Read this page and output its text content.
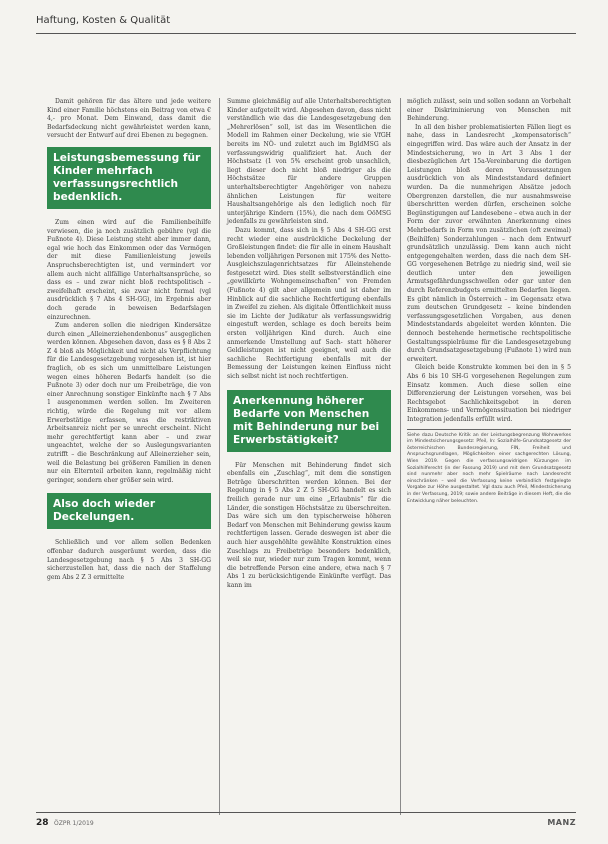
Haftung, Kosten & Qualität

Damit gehören für das ältere und jede weitere Kind einer Familie höchstens ein Beitrag von etwa € 4,- pro Monat. Dem Einwand, dass damit die Bedarfsdeckung nicht gewährleistet werden kann, versucht der Entwurf auf drei Ebenen zu begegnen.

Leistungsbemessung für Kinder mehrfach verfassungsrechtlich bedenklich.

Zum einen wird auf die Familienbeihilfe verwiesen, die ja noch zusätzlich gebühre (vgl die Fußnote 4). Diese Leistung steht aber immer dann, egal wie hoch das Einkommen oder das Vermögen der mit diese Familienleistung jeweils Anspruchsberechtigten ist, und vermindert vor allem auch nicht allfällige Unterhaltsansprüche, so dass es – und zwar nicht bloß rechtspolitisch – zweifelhaft erscheint, sie zwar nicht formal (vgl ausdrücklich § 7 Abs 4 SH-GG), im Ergebnis aber doch gerade in beweisen Bedarfslagen einzurechnen.

Zum anderen sollen die niedrigen Kindersätze durch einen „Alleinerziehendenbonus“ ausgeglichen werden können. Abgesehen davon, dass es § 8 Abs 2 Z 4 bloß als Möglichkeit und nicht als Verpflichtung für die Landesgesetzgebung vorgesehen ist, ist hier fraglich, ob es sich um unmittelbare Leistungen wegen eines höheren Bedarfs handelt (so die Fußnote 3) oder doch nur um Freibeträge, die von einer Anrechnung sonstiger Einkünfte nach § 7 Abs 1 ausgenommen werden sollen. Im Zweiteren richtig, würde die Regelung mit vor allem Erwerbstätige erfassen, was die restriktiven Arbeitsanreiz nicht per se unrecht erscheint. Nicht mehr gerechtfertigt kann aber – und zwar ungeachtet, welche der so Auslegungsvarianten zutrifft – die Beschränkung auf Alleinerzieher sein, weil die Belastung bei größeren Familien in denen nur ein Elternteil arbeiten kann, regelmäßig nicht geringer, sondern eher größer sein wird.

Also doch wieder Deckelungen.

Schließlich und vor allem sollen Bedenken offenbar dadurch ausgeräumt werden, dass die Landesgesetzgebung nach § 5 Abs 3 SH-GG sicherzustellen hat, dass die nach der Staffelung gem Abs 2 Z 3 ermittelte

Summe gleichmäßig auf alle Unterhaltsberechtigten Kinder aufgeteilt wird. Abgesehen davon, dass nicht verständlich wie das die Landesgesetzgebung den „Mehrerlösen“ soll, ist das im Wesentlichen die Modell im Rahmen einer Deckelung, wie sie VfGH bereits im NÖ- und zuletzt auch im BgldMSG als verfassungswidrig qualifiziert hat. Auch der Höchstsatz (1 von 5% erscheint grob unsachlich, liegt dieser doch nicht bloß niedriger als die Höchstsätze für andere Gruppen unterhaltsberechtigter Angehöriger von nahezu ähnlichen Leistungen für weitere Haushaltsangehörige als den lediglich noch für unterjährige Kindern (15%), die nach dem OöMSG jedenfalls zu gewährleisten sind.

Dazu kommt, dass sich in § 5 Abs 4 SH-GG erst recht wieder eine ausdrückliche Deckelung der Großleistungen findet: die für alle in einem Haushalt lebenden volljährigen Personen mit 175% des Netto-Ausgleichszulagenrichtsatzes für Alleinstehende festgesetzt wird. Dies stellt selbstverständlich eine „gewillkürte Wohngemeinschaften“ von Fremden (Fußnote 4) gilt aber allgemein und ist daher im Hinblick auf die sachliche Rechtfertigung ebenfalls in Zweifel zu ziehen. Als digitale Öffentlichkeit muss sie im Lichte der Judikatur als verfassungswidrig eingestuft werden, schlage es doch bereits beim ersten volljährigen Kind durch. Auch eine anmerkende Umstellung auf Sach- statt höherer Geldleistungen ist nicht geeignet, weil auch die sachliche Rechtfertigung ebenfalls mit der Bemessung der Leistungen keinen Einfluss nicht sich selbst nicht ist noch rechtfertigen.

Anerkennung höherer Bedarfe von Menschen mit Behinderung nur bei Erwerbstätigkeit?

Für Menschen mit Behinderung findet sich ebenfalls ein „Zuschlag“, mit dem die sonstigen Beträge überschritten werden können. Bei der Regelung in § 5 Abs 2 Z 5 SH-GG handelt es sich freilich gerade nur um eine „Erlaubnis“ für die Länder, die sonstigen Höchstsätze zu überschreiten. Das wäre sich um den typischerweise höheren Bedarf von Menschen mit Behinderung gewiss kaum rechtfertigen lassen. Gerade deswegen ist aber die auch hier ausgehöhlte gewählte Konstruktion eines Zuschlags zu Freibeträge besonders bedenklich, weil sie nur, wieder nur zum Tragen kommt, wenn die betreffende Person eine andere, etwa nach § 7 Abs 1 zu berücksichtigende Einkünfte verfügt. Das kann im

möglich zulässt, sein und sollen sodann an Vorbehalt einer Diskriminierung von Menschen mit Behinderung.

In all den bisher problematisierten Fällen liegt es nahe, dass in Landesrecht „kompensatorisch“ eingegriffen wird. Das wäre auch der Ansatz in der Mindestsicherung, wo in Art 3 Abs 1 der diesbezüglichen Art 15a-Vereinbarung die dortigen Leistungen bloß deren Voraussetzungen ausdrücklich von als Mindeststandard definiert wurden. Da die nunmehrigen Absätze jedoch Obergrenzen darstellen, die nur ausnahmsweise überschritten werden dürfen, erscheinen solche Begünstigungen auf Landesebene – etwa auch in der Form der zuvor erwähnten Anerkennung eines Mehrbedarfs in Form von zusätzlichen (oft zweimal) (Beihilfen) Sonderzahlungen – nach dem Entwurf grundsätzlich unzulässig. Dem kann auch nicht entgegengehalten werden, dass die nach dem SH-GG vorgesehenen Beträge zu niedrig sind, weil sie deutlich unter den jeweiligen Armutsgefährdungsschwellen oder gar unter den durch Referenzbudgets ermittelten Bedarfen liegen. Es gibt nämlich in Österreich – im Gegensatz etwa zum deutschen Grundgesetz – keine bindenden verfassungsgesetzlichen Vorgaben, aus denen Mindeststandards abgeleitet werden könnten. Die dennoch bestehende hermetische rechtspolitische Gestaltungsspielräume für die Landesgesetzgebung durch Grundsatzgesetzgebung (Fußnote 1) wird nun erweitert.

Gleich beide Konstrukte kommen bei den in § 5 Abs 6 bis 10 SH-G vorgesehenen Regelungen zum Einsatz kommen. Auch diese sollen eine Differenzierung der Leistungen vorsehen, was bei Rechtsgebot Sachlichkeitsgebot in deren Einkommens- und Vermögenssituation bei niedriger Integration jedenfalls erfüllt wird.

Siehe dazu Deutsche Kritik an der Leistungsbegrenzung Wohnwerkes im Mindestsicherungsgesetz: Pfeil, In: Sozialhilfe-Grundsatzgesetz der österreichischen Bundesregierung, FIN, Freiheit und Anspruchsgrundlagen, Möglichkeiten einer sachgerechten Lösung, Wien 2019. Gegen die verfassungswidrigen Kürzungen im Sozialhilferecht (in der Fassung 2019) und mit dem Grundsatzgesetz sind nunmehr aber noch mehr Spielräume nach Landesrecht einschränken – weil die Verfassung keine verbindlich festgelegte Vorgabe zur Höhe ausgestaltet. Vgl dazu auch Pfeil, Mindestsicherung in der Verfassung, 2019; sowie andere Beiträge in diesem Heft, die die Entwicklung näher beleuchten.

28 ÖZPR 1/2019	MANZ
